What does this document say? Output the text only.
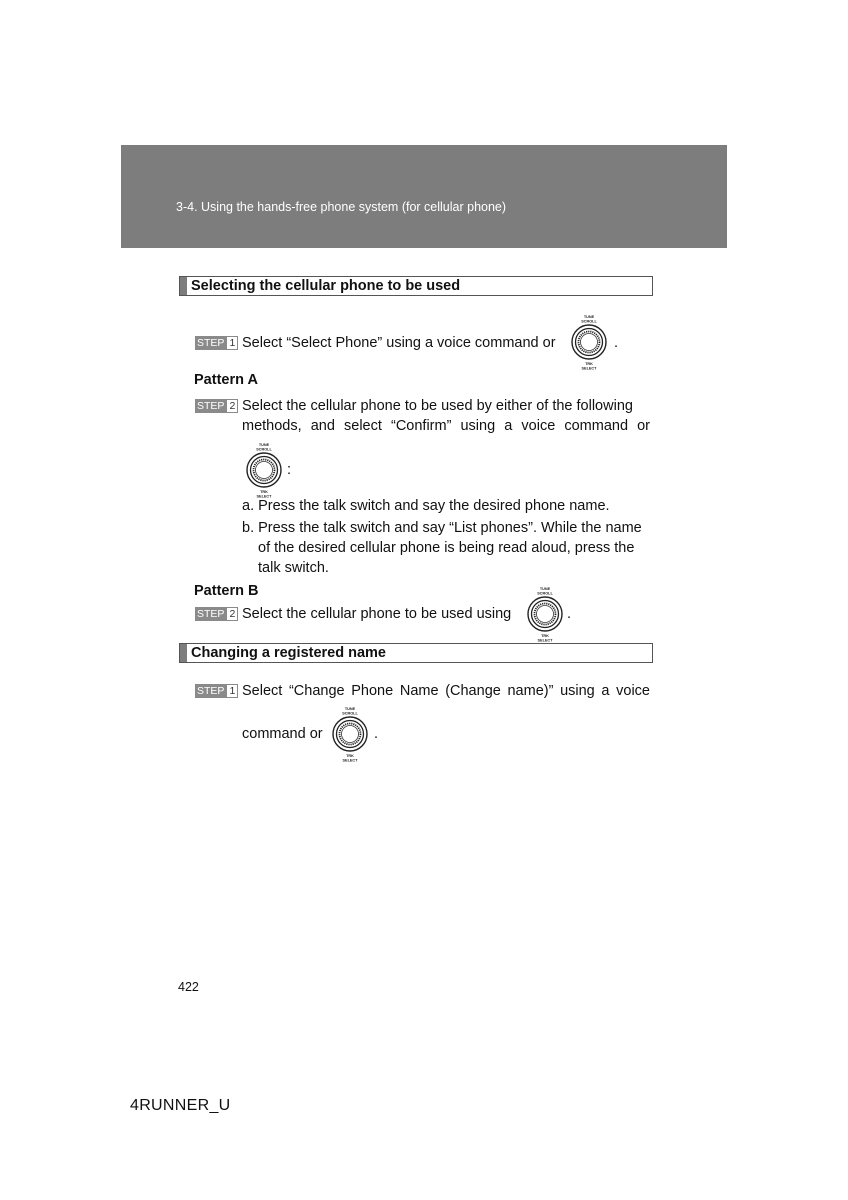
3-4. Using the hands-free phone system (for cellular phone)
Selecting the cellular phone to be used
STEP 1 Select “Select Phone” using a voice command or
TUNE
SCROLL
TRK
SELECT
.
Pattern A
STEP 2 Select the cellular phone to be used by either of the following
methods, and select “Confirm” using a voice command or
TUNE
SCROLL
TRK
SELECT
:
a. Press the talk switch and say the desired phone name.
b. Press the talk switch and say “List phones”. While the name
of the desired cellular phone is being read aloud, press the
talk switch.
Pattern B
STEP 2 Select the cellular phone to be used using
TUNE
SCROLL
TRK
SELECT
.
Changing a registered name
STEP 1 Select “Change Phone Name (Change name)” using a voice
command or
TUNE
SCROLL
TRK
SELECT
.
422
4RUNNER_U
